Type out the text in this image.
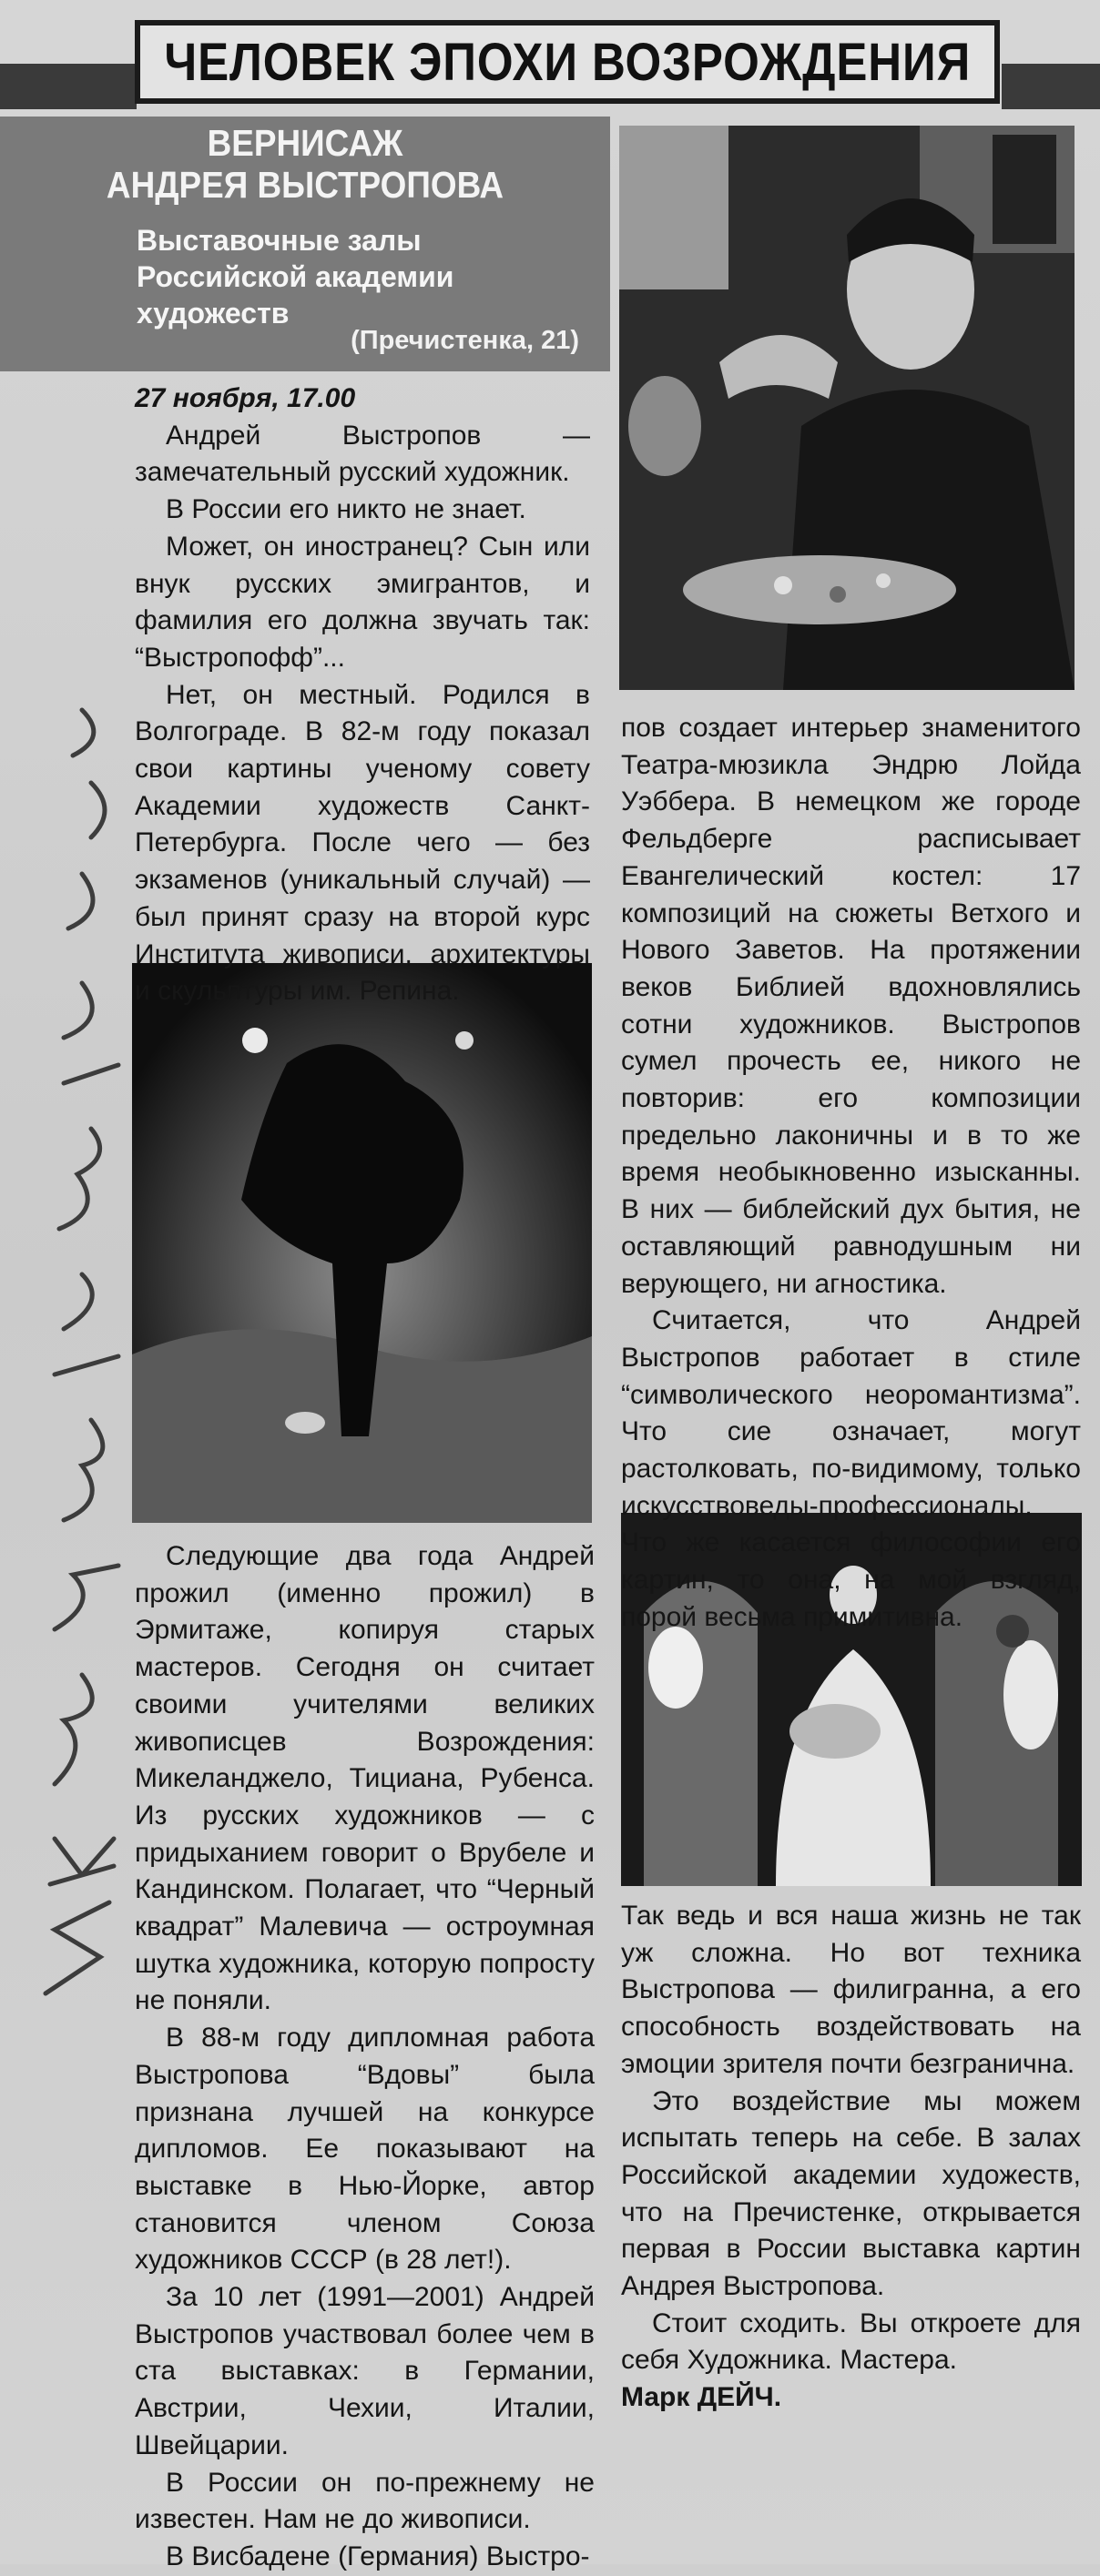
ЧЕЛОВЕК ЭПОХИ ВОЗРОЖДЕНИЯ
ВЕРНИСАЖ
АНДРЕЯ ВЫСТРОПОВА
Выставочные залы Российской академии художеств
(Пречистенка, 21)

27 ноября, 17.00

Андрей Выстропов — замечательный русский художник.

В России его никто не знает.

Может, он иностранец? Сын или внук русских эмигрантов, и фамилия его должна звучать так: “Выстропофф”...

Нет, он местный. Родился в Волгограде. В 82-м году показал свои картины ученому совету Академии художеств Санкт-Петербурга. После чего — без экзаменов (уникальный случай) — был принят сразу на второй курс Института живописи, архитектуры и скульптуры им. Репина.

Следующие два года Андрей прожил (именно прожил) в Эрмитаже, копируя старых мастеров. Сегодня он считает своими учителями великих живописцев Возрождения: Микеланджело, Тициана, Рубенса. Из русских художников — с придыханием говорит о Врубеле и Кандинском. Полагает, что “Черный квадрат” Малевича — остроумная шутка художника, которую попросту не поняли.

В 88-м году дипломная работа Выстропова “Вдовы” была признана лучшей на конкурсе дипломов. Ее показывают на выставке в Нью-Йорке, автор становится членом Союза художников СССР (в 28 лет!).

За 10 лет (1991—2001) Андрей Выстропов участвовал более чем в ста выставках: в Германии, Австрии, Чехии, Италии, Швейцарии.

В России он по-прежнему не известен. Нам не до живописи.

В Висбадене (Германия) Выстро-

пов создает интерьер знаменитого Театра-мюзикла Эндрю Лойда Уэббера. В немецком же городе Фельдберге расписывает Евангелический костел: 17 композиций на сюжеты Ветхого и Нового Заветов. На протяжении веков Библией вдохновлялись сотни художников. Выстропов сумел прочесть ее, никого не повторив: его композиции предельно лаконичны и в то же время необыкновенно изысканны. В них — библейский дух бытия, не оставляющий равнодушным ни верующего, ни агностика.

Считается, что Андрей Выстропов работает в стиле “символического неоромантизма”. Что сие означает, могут растолковать, по-видимому, только искусствоведы-профессионалы. Что же касается философии его картин, то она, на мой взгляд, порой весьма примитивна.

Так ведь и вся наша жизнь не так уж сложна. Но вот техника Выстропова — филигранна, а его способность воздействовать на эмоции зрителя почти безгранична.

Это воздействие мы можем испытать теперь на себе. В залах Российской академии художеств, что на Пречистенке, открывается первая в России выставка картин Андрея Выстропова.

Стоит сходить. Вы откроете для себя Художника. Мастера.

Марк ДЕЙЧ.
